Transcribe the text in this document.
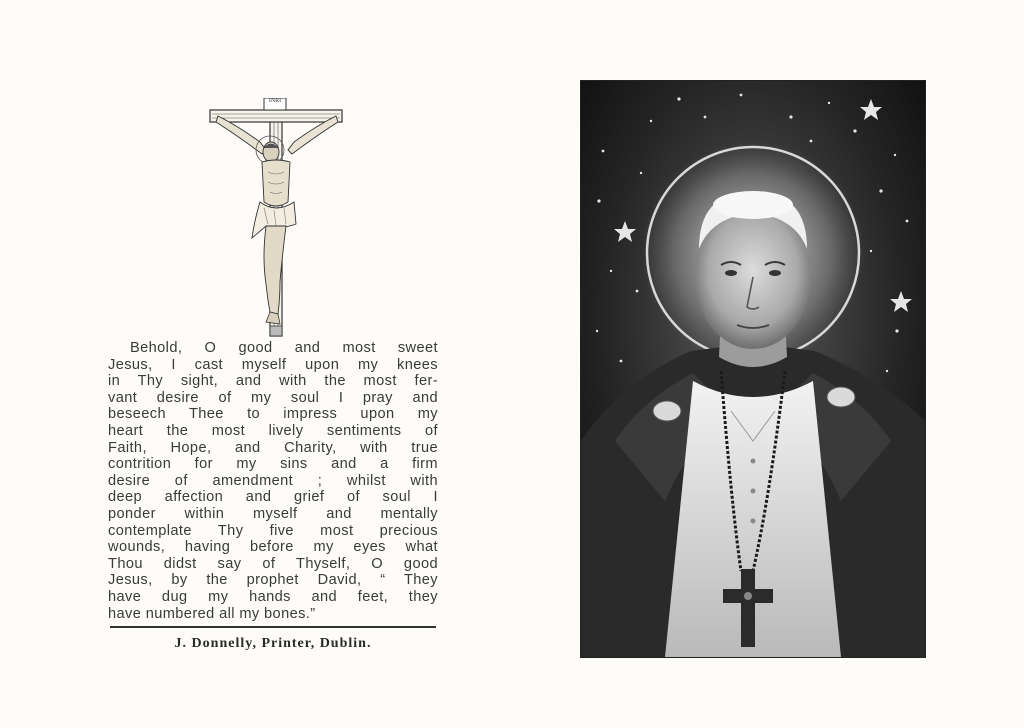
INRI
Behold, O good and most sweet
Jesus, I cast myself upon my knees
in Thy sight, and with the most fer-
vant desire of my soul I pray and
beseech Thee to impress upon my
heart the most lively sentiments of
Faith, Hope, and Charity, with true
contrition for my sins and a firm
desire of amendment ; whilst with
deep affection and grief of soul I
ponder within myself and mentally
contemplate Thy five most precious
wounds, having before my eyes what
Thou didst say of Thyself, O good
Jesus, by the prophet David, “ They
have dug my hands and feet, they
have numbered all my bones.”
J. Donnelly, Printer, Dublin.
